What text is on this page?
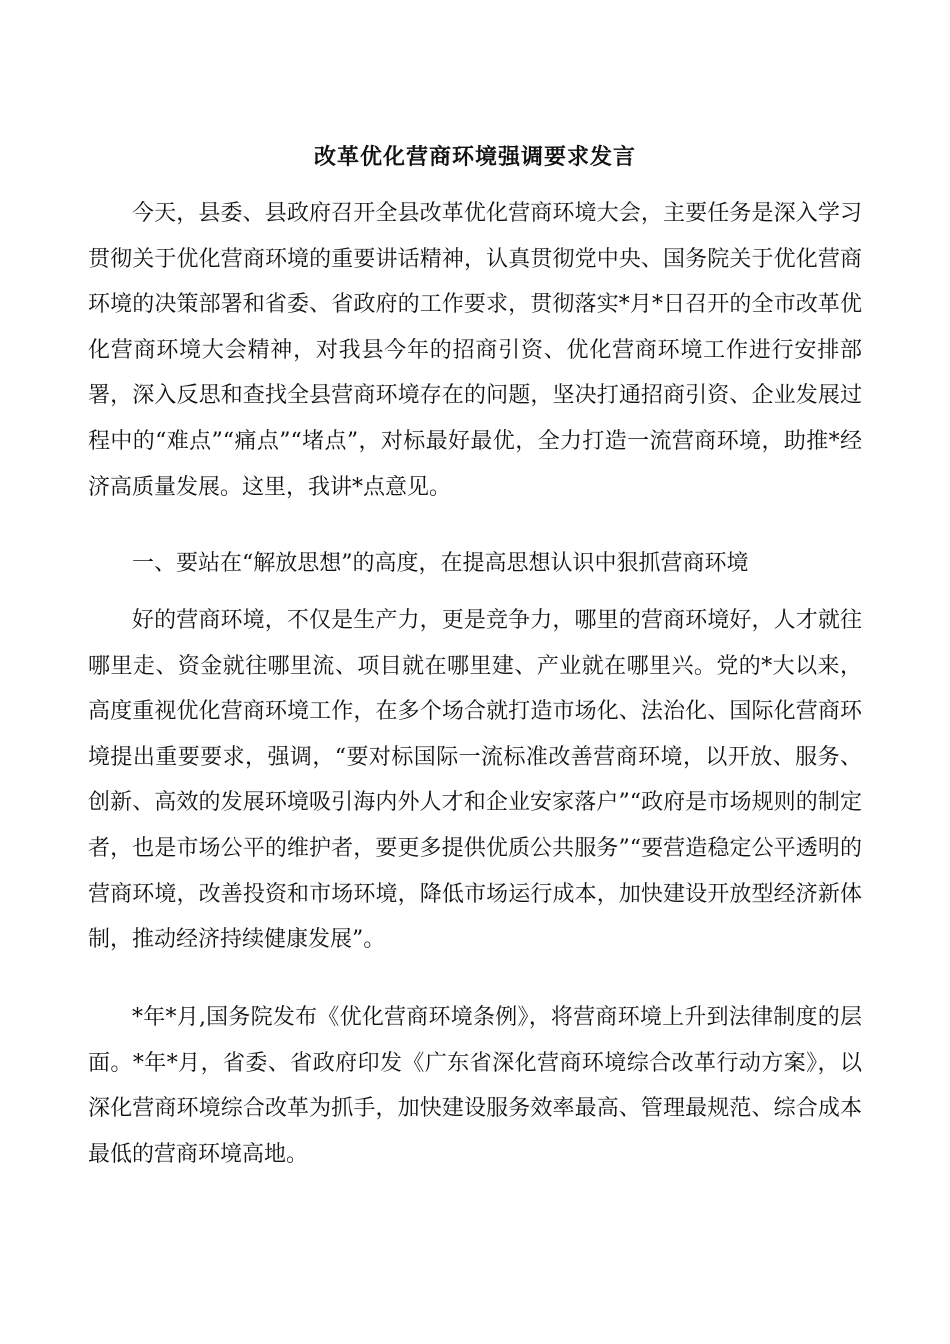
改革优化营商环境强调要求发言
今天，县委、县政府召开全县改革优化营商环境大会，主要任务是深入学习贯彻关于优化营商环境的重要讲话精神，认真贯彻党中央、国务院关于优化营商环境的决策部署和省委、省政府的工作要求，贯彻落实*月*日召开的全市改革优化营商环境大会精神，对我县今年的招商引资、优化营商环境工作进行安排部署，深入反思和查找全县营商环境存在的问题，坚决打通招商引资、企业发展过程中的“难点”“痛点”“堵点”，对标最好最优，全力打造一流营商环境，助推*经济高质量发展。这里，我讲*点意见。
一、要站在“解放思想”的高度，在提高思想认识中狠抓营商环境
好的营商环境，不仅是生产力，更是竞争力，哪里的营商环境好，人才就往哪里走、资金就往哪里流、项目就在哪里建、产业就在哪里兴。党的*大以来，高度重视优化营商环境工作，在多个场合就打造市场化、法治化、国际化营商环境提出重要要求，强调，“要对标国际一流标准改善营商环境，以开放、服务、创新、高效的发展环境吸引海内外人才和企业安家落户”“政府是市场规则的制定者，也是市场公平的维护者，要更多提供优质公共服务”“要营造稳定公平透明的营商环境，改善投资和市场环境，降低市场运行成本，加快建设开放型经济新体制，推动经济持续健康发展”。
*年*月,国务院发布《优化营商环境条例》，将营商环境上升到法律制度的层面。*年*月，省委、省政府印发《广东省深化营商环境综合改革行动方案》，以深化营商环境综合改革为抓手，加快建设服务效率最高、管理最规范、综合成本最低的营商环境高地。
